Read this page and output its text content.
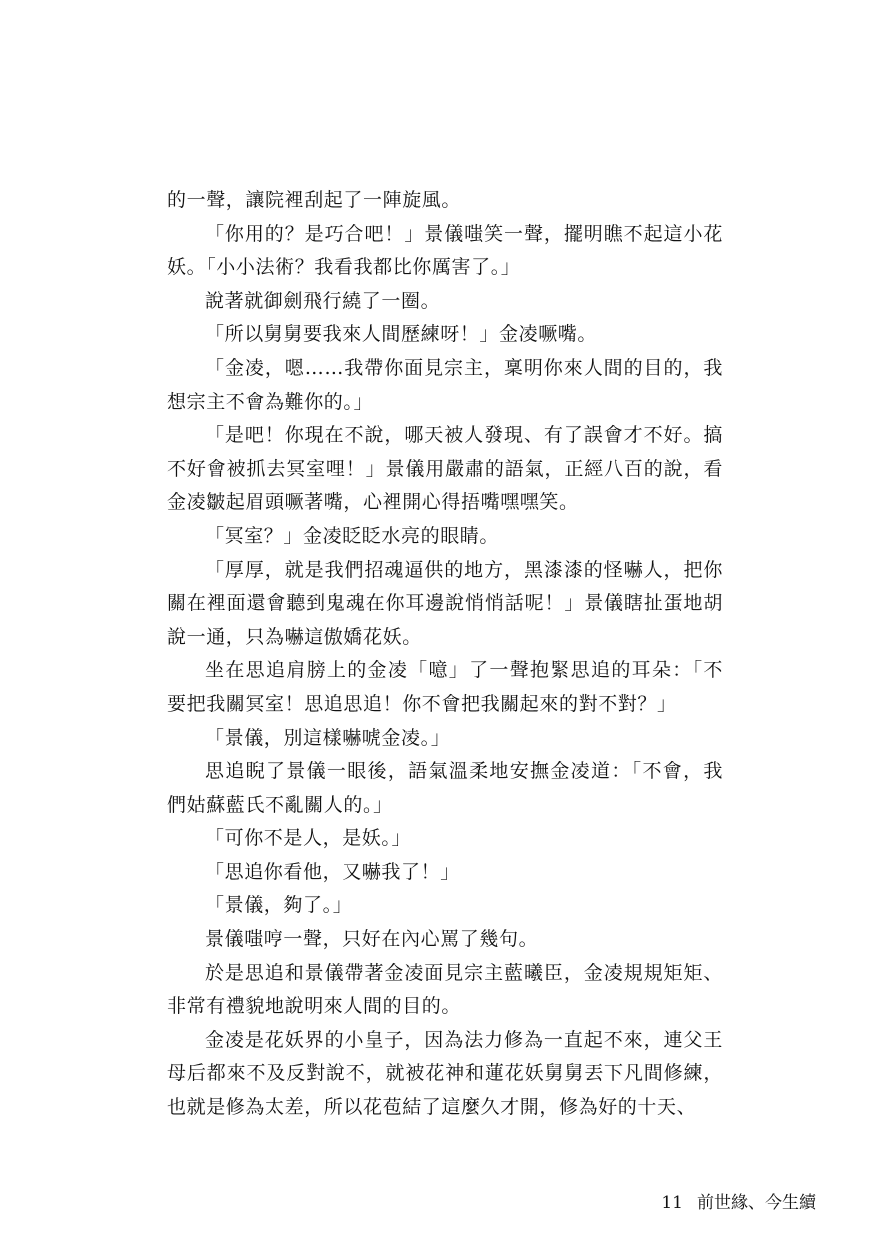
的一聲，讓院裡刮起了一陣旋風。

「你用的？是巧合吧！」景儀嗤笑一聲，擺明瞧不起這小花妖。「小小法術？我看我都比你厲害了。」

說著就御劍飛行繞了一圈。

「所以舅舅要我來人間歷練呀！」金凌噘嘴。

「金凌，嗯……我帶你面見宗主，稟明你來人間的目的，我想宗主不會為難你的。」

「是吧！你現在不說，哪天被人發現、有了誤會才不好。搞不好會被抓去冥室哩！」景儀用嚴肅的語氣，正經八百的說，看金凌皺起眉頭噘著嘴，心裡開心得捂嘴嘿嘿笑。

「冥室？」金凌眨眨水亮的眼睛。

「厚厚，就是我們招魂逼供的地方，黑漆漆的怪嚇人，把你關在裡面還會聽到鬼魂在你耳邊說悄悄話呢！」景儀瞎扯蛋地胡說一通，只為嚇這傲嬌花妖。

坐在思追肩膀上的金凌「噫」了一聲抱緊思追的耳朵：「不要把我關冥室！思追思追！你不會把我關起來的對不對？」

「景儀，別這樣嚇唬金凌。」

思追睨了景儀一眼後，語氣溫柔地安撫金凌道：「不會，我們姑蘇藍氏不亂關人的。」

「可你不是人，是妖。」

「思追你看他，又嚇我了！」

「景儀，夠了。」

景儀嗤哼一聲，只好在內心罵了幾句。

於是思追和景儀帶著金凌面見宗主藍曦臣，金凌規規矩矩、非常有禮貌地說明來人間的目的。

金凌是花妖界的小皇子，因為法力修為一直起不來，連父王母后都來不及反對說不，就被花神和蓮花妖舅舅丟下凡間修練，也就是修為太差，所以花苞結了這麼久才開，修為好的十天、

11 前世緣、今生續
